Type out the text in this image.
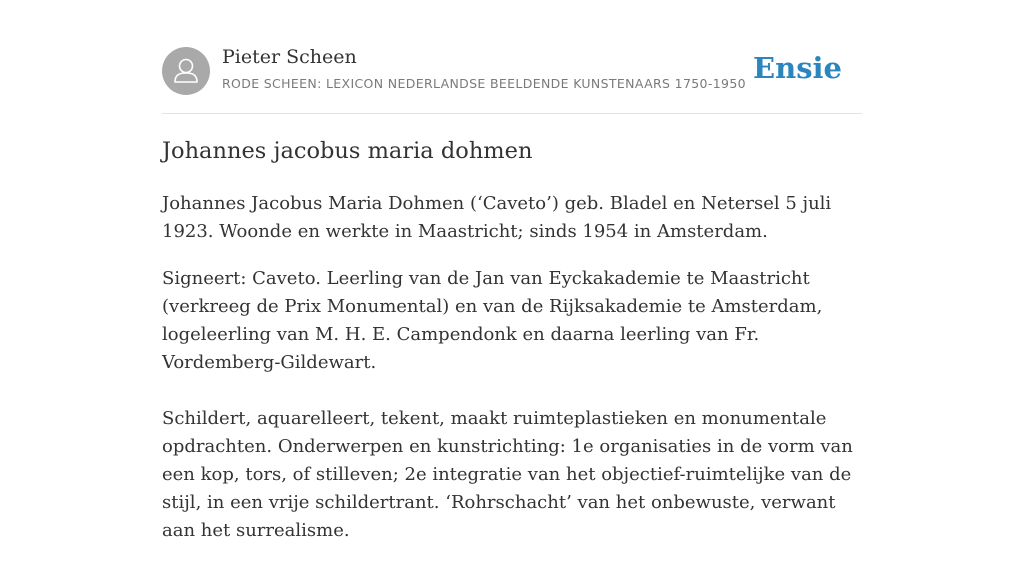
Pieter Scheen
RODE SCHEEN: LEXICON NEDERLANDSE BEELDENDE KUNSTENAARS 1750-1950 Ensie
Johannes jacobus maria dohmen

Johannes Jacobus Maria Dohmen (‘Caveto’) geb. Bladel en Netersel 5 juli 1923. Woonde en werkte in Maastricht; sinds 1954 in Amsterdam.

Signeert: Caveto. Leerling van de Jan van Eyckakademie te Maastricht (verkreeg de Prix Monumental) en van de Rijksakademie te Amsterdam, logeleerling van M. H. E. Campendonk en daarna leerling van Fr. Vordemberg-Gildewart.

Schildert, aquarelleert, tekent, maakt ruimteplastieken en monumentale opdrachten. Onderwerpen en kunstrichting: 1e organisaties in de vorm van een kop, tors, of stilleven; 2e integratie van het objectief-ruimtelijke van de stijl, in een vrije schildertrant. ‘Rohrschacht’ van het onbewuste, verwant aan het surrealisme.
